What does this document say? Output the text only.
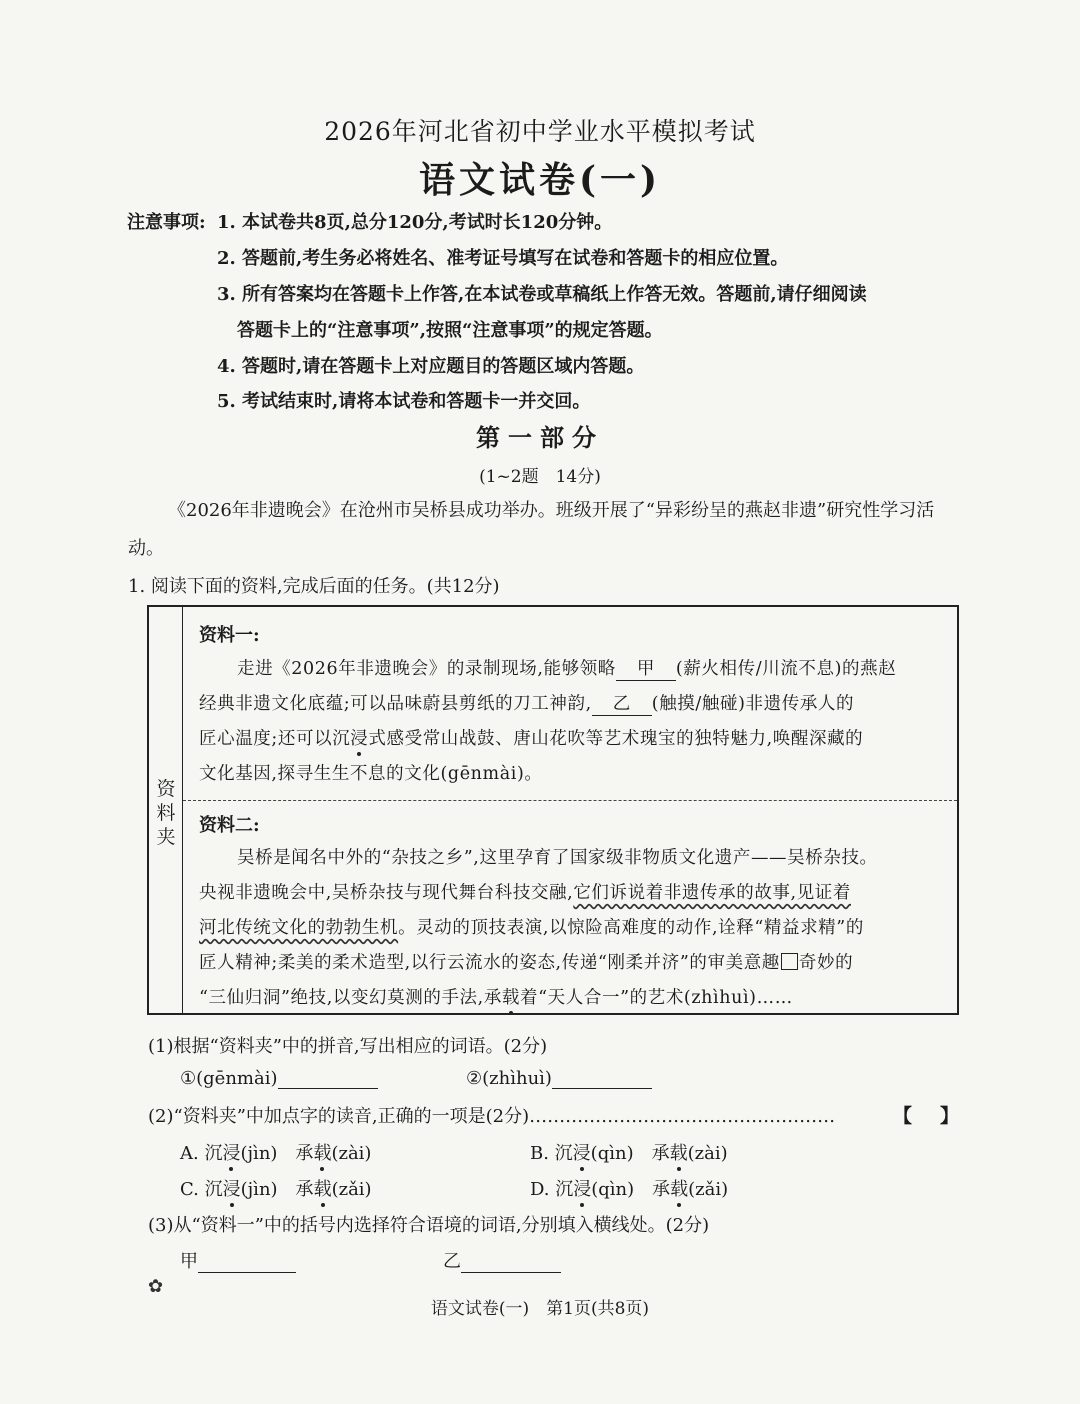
2026年河北省初中学业水平模拟考试
语文试卷(一)
注意事项: 1. 本试卷共8页,总分120分,考试时长120分钟。
2. 答题前,考生务必将姓名、准考证号填写在试卷和答题卡的相应位置。
3. 所有答案均在答题卡上作答,在本试卷或草稿纸上作答无效。答题前,请仔细阅读
答题卡上的“注意事项”,按照“注意事项”的规定答题。
4. 答题时,请在答题卡上对应题目的答题区域内答题。
5. 考试结束时,请将本试卷和答题卡一并交回。
第一部分
(1~2题　14分)
《2026年非遗晚会》在沧州市吴桥县成功举办。班级开展了“异彩纷呈的燕赵非遗”研究性学习活动。
1. 阅读下面的资料,完成后面的任务。(共12分)
资料夹
资料一:
走进《2026年非遗晚会》的录制现场,能够领略 甲 (薪火相传/川流不息)的燕赵
经典非遗文化底蕴;可以品味蔚县剪纸的刀工神韵, 乙 (触摸/触碰)非遗传承人的
匠心温度;还可以沉浸式感受常山战鼓、唐山花吹等艺术瑰宝的独特魅力,唤醒深藏的
文化基因,探寻生生不息的文化(gēnmài)。
资料二:
吴桥是闻名中外的“杂技之乡”,这里孕育了国家级非物质文化遗产——吴桥杂技。
央视非遗晚会中,吴桥杂技与现代舞台科技交融,它们诉说着非遗传承的故事,见证着
河北传统文化的勃勃生机。灵动的顶技表演,以惊险高难度的动作,诠释“精益求精”的
匠人精神;柔美的柔术造型,以行云流水的姿态,传递“刚柔并济”的审美意趣 奇妙的
“三仙归洞”绝技,以变幻莫测的手法,承载着“天人合一”的艺术(zhìhuì)……
(1)根据“资料夹”中的拼音,写出相应的词语。(2分)
①(gēnmài)	②(zhìhuì)
(2)“资料夹”中加点字的读音,正确的一项是(2分)……………………………………………	【 】
A. 沉浸(jìn)　承载(zài)	B. 沉浸(qìn)　承载(zài)
C. 沉浸(jìn)　承载(zǎi)	D. 沉浸(qìn)　承载(zǎi)
(3)从“资料一”中的括号内选择符合语境的词语,分别填入横线处。(2分)
甲	乙
✿
语文试卷(一)　第1页(共8页)
